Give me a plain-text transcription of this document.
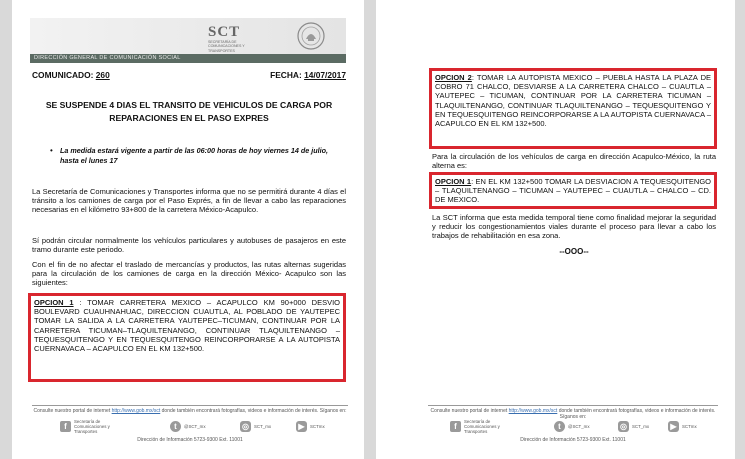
SCT
SECRETARÍA DE COMUNICACIONES Y TRANSPORTES
DIRECCIÓN GENERAL DE COMUNICACIÓN SOCIAL
COMUNICADO: 260	FECHA: 14/07/2017
SE SUSPENDE 4 DIAS EL TRANSITO DE VEHICULOS DE CARGA POR REPARACIONES EN EL PASO EXPRES
• La medida estará vigente a partir de las 06:00 horas de hoy viernes 14 de julio, hasta el lunes 17
La Secretaría de Comunicaciones y Transportes informa que no se permitirá durante 4 días el tránsito a los camiones de carga por el Paso Exprés, a fin de llevar a cabo las reparaciones necesarias en el kilómetro 93+800 de la carretera México-Acapulco.
Sí podrán circular normalmente los vehículos particulares y autobuses de pasajeros en este tramo durante este periodo.
Con el fin de no afectar el traslado de mercancías y productos, las rutas alternas sugeridas para la circulación de los camiones de carga en la dirección México- Acapulco son las siguientes:
OPCION 1 : TOMAR CARRETERA MEXICO – ACAPULCO KM 90+000 DESVIO BOULEVARD CUAUHNAHUAC, DIRECCION CUAUTLA, AL POBLADO DE YAUTEPEC TOMAR LA SALIDA A LA CARRETERA YAUTEPEC–TICUMAN, CONTINUAR POR LA CARRETERA TICUMAN–TLAQUILTENANGO, CONTINUAR TLAQUILTENANGO – TEQUESQUITENGO Y EN TEQUESQUITENGO REINCORPORARSE A LA AUTOPISTA CUERNAVACA – ACAPULCO EN EL KM 132+500.
Consulte nuestro portal de internet http://www.gob.mx/sct donde también encontrará fotografías, videos e información de interés. Síganos en:
f
Secretaría de Comunicaciones y Transportes
t	@SCT_mx	◎	SCT_mx	▶	SCTmx
Dirección de Información 5723-9300 Ext. 11001
OPCION 2: TOMAR LA AUTOPISTA MEXICO – PUEBLA HASTA LA PLAZA DE COBRO 71 CHALCO, DESVIARSE A LA CARRETERA CHALCO – CUAUTLA – YAUTEPEC – TICUMAN, CONTINUAR POR LA CARRETERA TICUMAN – TLAQUILTENANGO, CONTINUAR TLAQUILTENANGO – TEQUESQUITENGO Y EN TEQUESQUITENGO REINCORPORARSE A LA AUTOPISTA CUERNAVACA – ACAPULCO EN EL KM 132+500.
Para la circulación de los vehículos de carga en dirección Acapulco-México, la ruta alterna es:
OPCION 1: EN EL KM 132+500 TOMAR LA DESVIACION A TEQUESQUITENGO – TLAQUILTENANGO – TICUMAN – YAUTEPEC – CUAUTLA – CHALCO – CD. DE MEXICO.
La SCT informa que esta medida temporal tiene como finalidad mejorar la seguridad y reducir los congestionamientos viales durante el proceso para llevar a cabo los trabajos de rehabilitación en esa zona.
--OOO--
Consulte nuestro portal de internet http://www.gob.mx/sct donde también encontrará fotografías, videos e información de interés. Síganos en:
f
Secretaría de Comunicaciones y Transportes
t	@SCT_mx	◎	SCT_mx	▶	SCTmx
Dirección de Información 5723-9300 Ext. 11001
